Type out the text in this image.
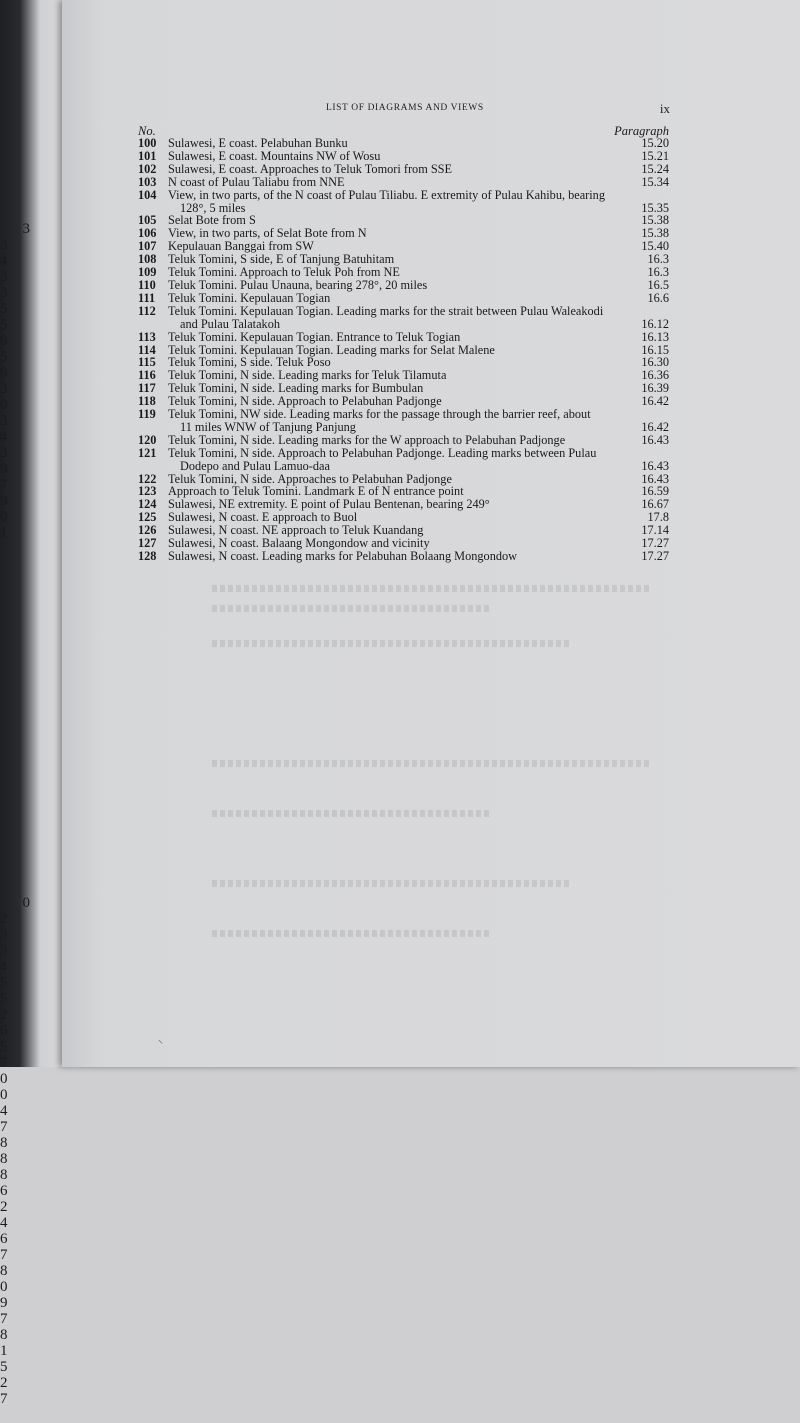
3
3
4
3
3
5
5
9
5
9
3
0
3
4
3
9
7
9
0
1

0
2
3
3
4
5
5
2
6
5
7
0
0
4
7
8
8
8
6
2
4
6
7
8
0
9
7
8
1
5
2
7

LIST OF DIAGRAMS AND VIEWS	ix
No.	Paragraph
100 Sulawesi, E coast. Pelabuhan Bunku	15.20
101 Sulawesi, E coast. Mountains NW of Wosu	15.21
102 Sulawesi, E coast. Approaches to Teluk Tomori from SSE	15.24
103 N coast of Pulau Taliabu from NNE	15.34
104 View, in two parts, of the N coast of Pulau Tiliabu. E extremity of Pulau Kahibu, bearing
128°, 5 miles	15.35
105 Selat Bote from S	15.38
106 View, in two parts, of Selat Bote from N	15.38
107 Kepulauan Banggai from SW	15.40
108 Teluk Tomini, S side, E of Tanjung Batuhitam	16.3
109 Teluk Tomini. Approach to Teluk Poh from NE	16.3
110 Teluk Tomini. Pulau Unauna, bearing 278°, 20 miles	16.5
111 Teluk Tomini. Kepulauan Togian	16.6
112 Teluk Tomini. Kepulauan Togian. Leading marks for the strait between Pulau Waleakodi
and Pulau Talatakoh	16.12
113 Teluk Tomini. Kepulauan Togian. Entrance to Teluk Togian	16.13
114 Teluk Tomini. Kepulauan Togian. Leading marks for Selat Malene	16.15
115 Teluk Tomini, S side. Teluk Poso	16.30
116 Teluk Tomini, N side. Leading marks for Teluk Tilamuta	16.36
117 Teluk Tomini, N side. Leading marks for Bumbulan	16.39
118 Teluk Tomini, N side. Approach to Pelabuhan Padjonge	16.42
119 Teluk Tomini, NW side. Leading marks for the passage through the barrier reef, about
11 miles WNW of Tanjung Panjung	16.42
120 Teluk Tomini, N side. Leading marks for the W approach to Pelabuhan Padjonge	16.43
121 Teluk Tomini, N side. Approach to Pelabuhan Padjonge. Leading marks between Pulau
Dodepo and Pulau Lamuo-daa	16.43
122 Teluk Tomini, N side. Approaches to Pelabuhan Padjonge	16.43
123 Approach to Teluk Tomini. Landmark E of N entrance point	16.59
124 Sulawesi, NE extremity. E point of Pulau Bentenan, bearing 249°	16.67
125 Sulawesi, N coast. E approach to Buol	17.8
126 Sulawesi, N coast. NE approach to Teluk Kuandang	17.14
127 Sulawesi, N coast. Balaang Mongondow and vicinity	17.27
128 Sulawesi, N coast. Leading marks for Pelabuhan Bolaang Mongondow	17.27
⸌
